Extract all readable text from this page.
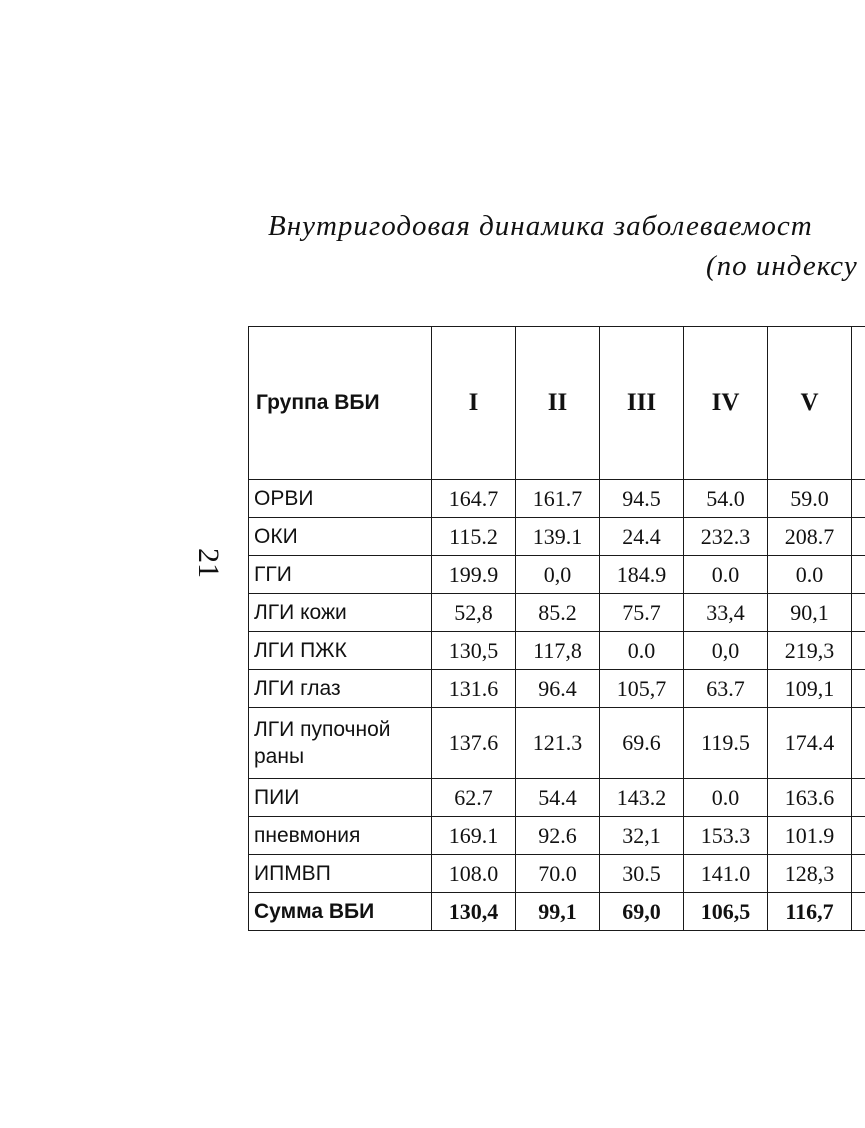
Внутригодовая динамика заболеваемост
(по индексу
21
Группа ВБИ	I	II	III	IV	V	
ОРВИ	164.7	161.7	94.5	54.0	59.0	
ОКИ	115.2	139.1	24.4	232.3	208.7	
ГГИ	199.9	0,0	184.9	0.0	0.0	
ЛГИ кожи	52,8	85.2	75.7	33,4	90,1	
ЛГИ ПЖК	130,5	117,8	0.0	0,0	219,3	
ЛГИ глаз	131.6	96.4	105,7	63.7	109,1	
ЛГИ пупочной раны	137.6	121.3	69.6	119.5	174.4	
ПИИ	62.7	54.4	143.2	0.0	163.6	
пневмония	169.1	92.6	32,1	153.3	101.9	
ИПМВП	108.0	70.0	30.5	141.0	128,3	
Сумма ВБИ	130,4	99,1	69,0	106,5	116,7	
